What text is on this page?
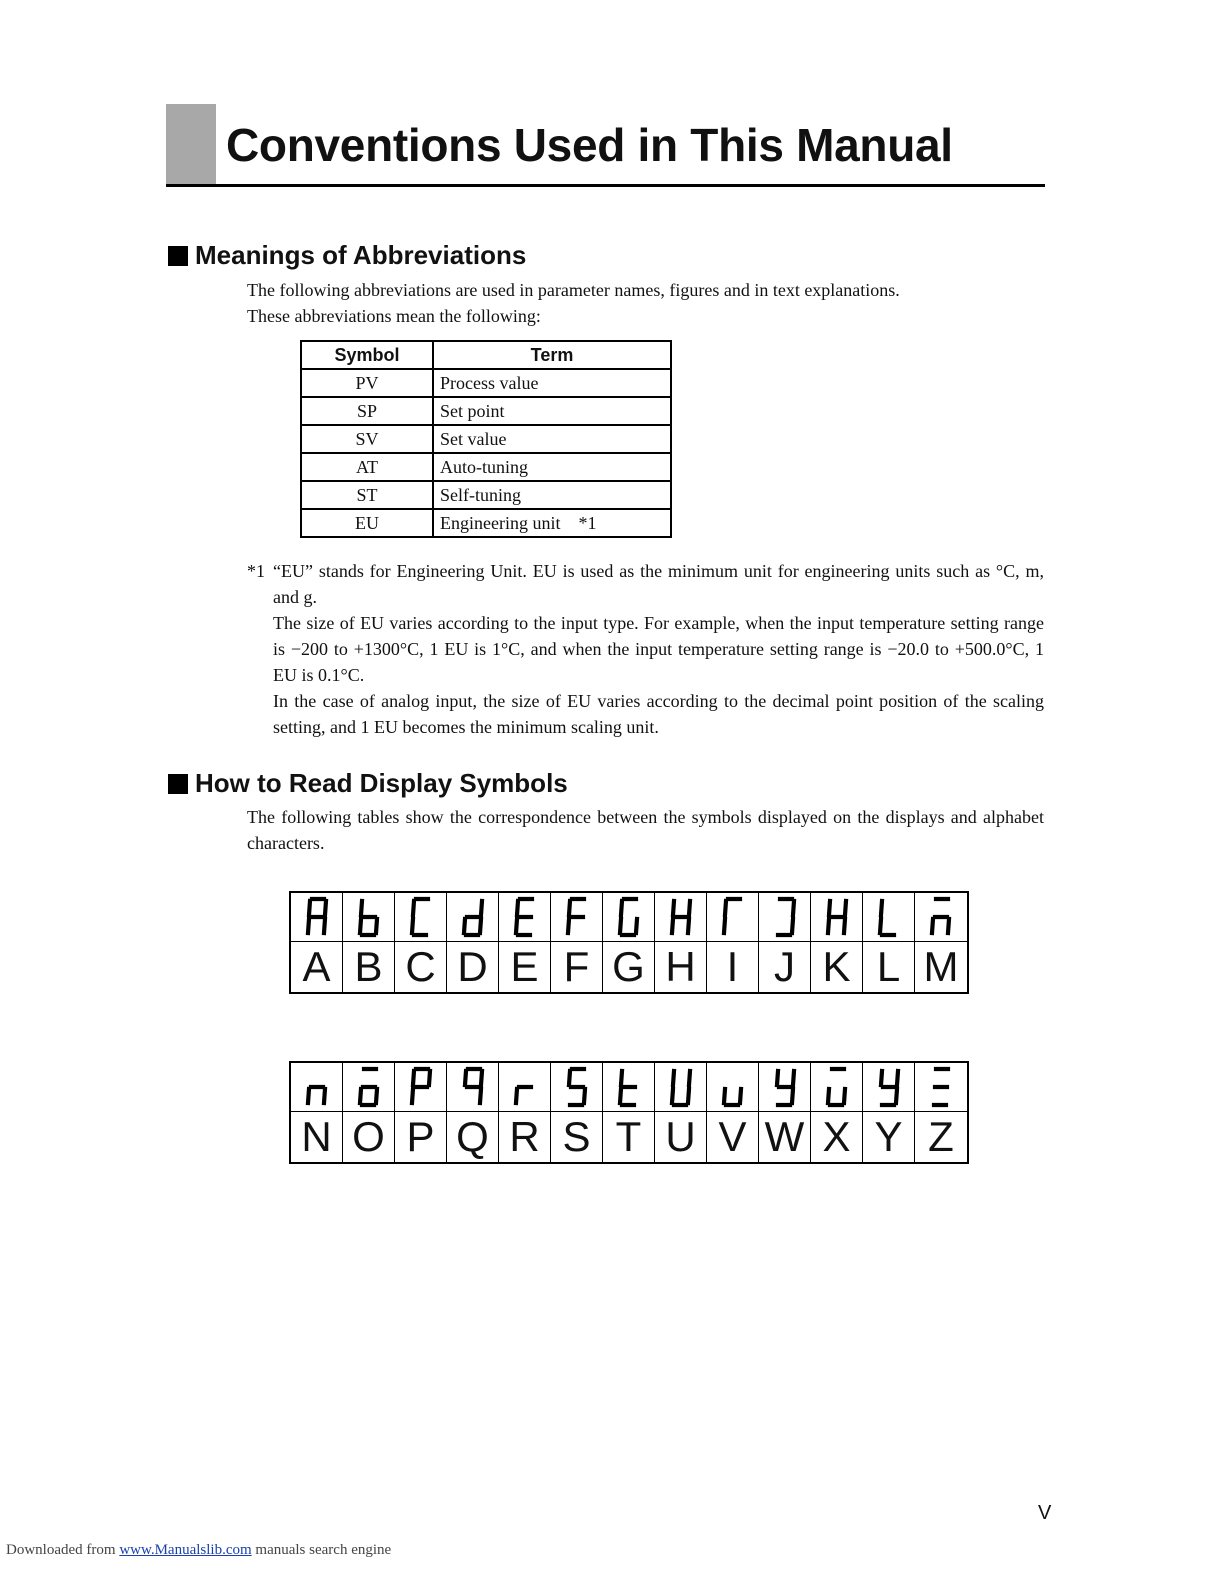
Conventions Used in This Manual
Meanings of Abbreviations

The following abbreviations are used in parameter names, figures and in text explanations.

These abbreviations mean the following:

Symbol	Term
PV	Process value
SP	Set point
SV	Set value
AT	Auto-tuning
ST	Self-tuning
EU	Engineering unit *1
*1 “EU” stands for Engineering Unit. EU is used as the minimum unit for engineering units such as °C, m, and g.

The size of EU varies according to the input type. For example, when the input temperature setting range is −200 to +1300°C, 1 EU is 1°C, and when the input temperature setting range is −20.0 to +500.0°C, 1 EU is 0.1°C.

In the case of analog input, the size of EU varies according to the decimal point position of the scaling setting, and 1 EU becomes the minimum scaling unit.

How to Read Display Symbols

The following tables show the correspondence between the symbols displayed on the displays and alphabet characters.

A B C D E F G H I J K L M
N O P Q R S T U V W X Y Z
V
Downloaded from www.Manualslib.com manuals search engine
